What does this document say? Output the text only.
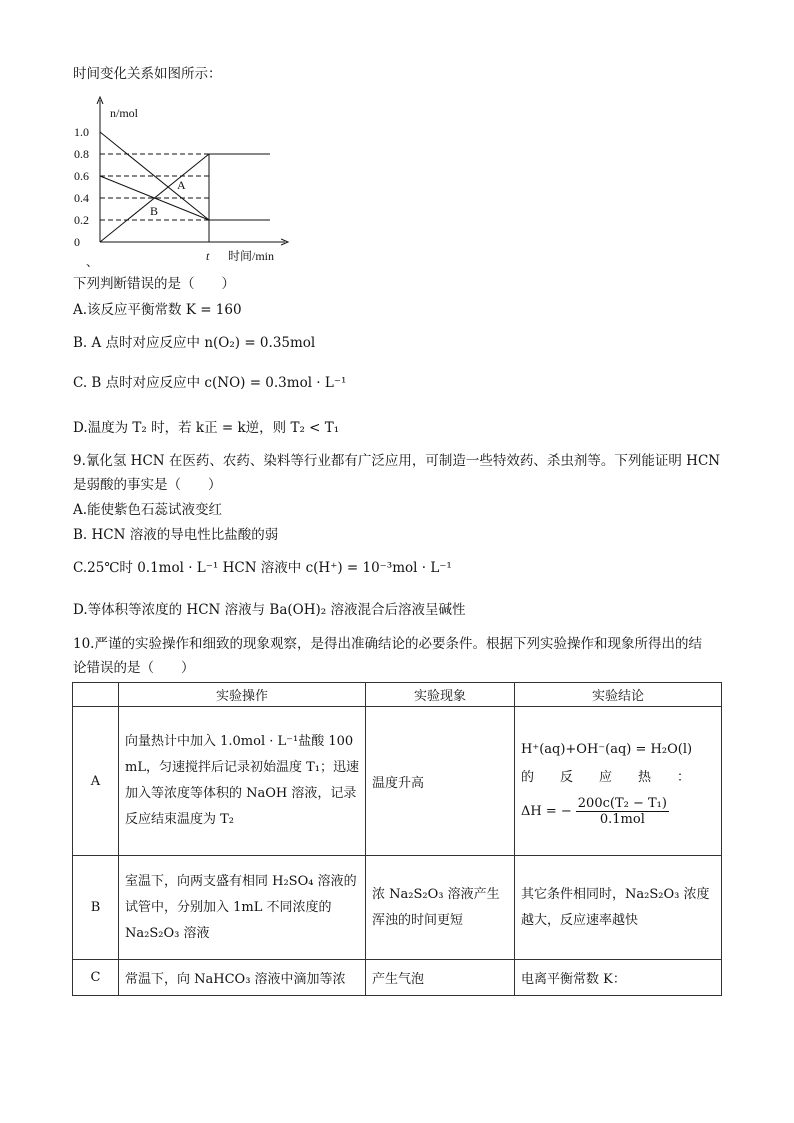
时间变化关系如图所示：
n/mol
时间/min
t
、
1.0
0.8
0.6
0.4
0.2
0
A
B
下列判断错误的是（　　）
A.该反应平衡常数 K = 160
B. A 点时对应反应中 n(O₂) = 0.35mol
C. B 点时对应反应中 c(NO) = 0.3mol · L⁻¹
D.温度为 T₂ 时，若 k正 = k逆，则 T₂ < T₁
9.氰化氢 HCN 在医药、农药、染料等行业都有广泛应用，可制造一些特效药、杀虫剂等。下列能证明 HCN
是弱酸的事实是（　　）
A.能使紫色石蕊试液变红
B. HCN 溶液的导电性比盐酸的弱
C.25℃时 0.1mol · L⁻¹ HCN 溶液中 c(H⁺) = 10⁻³mol · L⁻¹
D.等体积等浓度的 HCN 溶液与 Ba(OH)₂ 溶液混合后溶液呈碱性
10.严谨的实验操作和细致的现象观察，是得出准确结论的必要条件。根据下列实验操作和现象所得出的结
论错误的是（　　）
	实验操作	实验现象	实验结论
A	向量热计中加入 1.0mol · L⁻¹盐酸 100 mL，匀速搅拌后记录初始温度 T₁；迅速加入等浓度等体积的 NaOH 溶液，记录反应结束温度为 T₂	温度升高	H⁺(aq)+OH⁻(aq) = H₂O(l)
的　　反　　应　　热　　：
ΔH = −
200c(T₂ − T₁)
0.1mol

B	室温下，向两支盛有相同 H₂SO₄ 溶液的试管中，分别加入 1mL 不同浓度的 Na₂S₂O₃ 溶液	浓 Na₂S₂O₃ 溶液产生浑浊的时间更短	其它条件相同时，Na₂S₂O₃ 浓度越大，反应速率越快
C	常温下，向 NaHCO₃ 溶液中滴加等浓	产生气泡	电离平衡常数 K：
